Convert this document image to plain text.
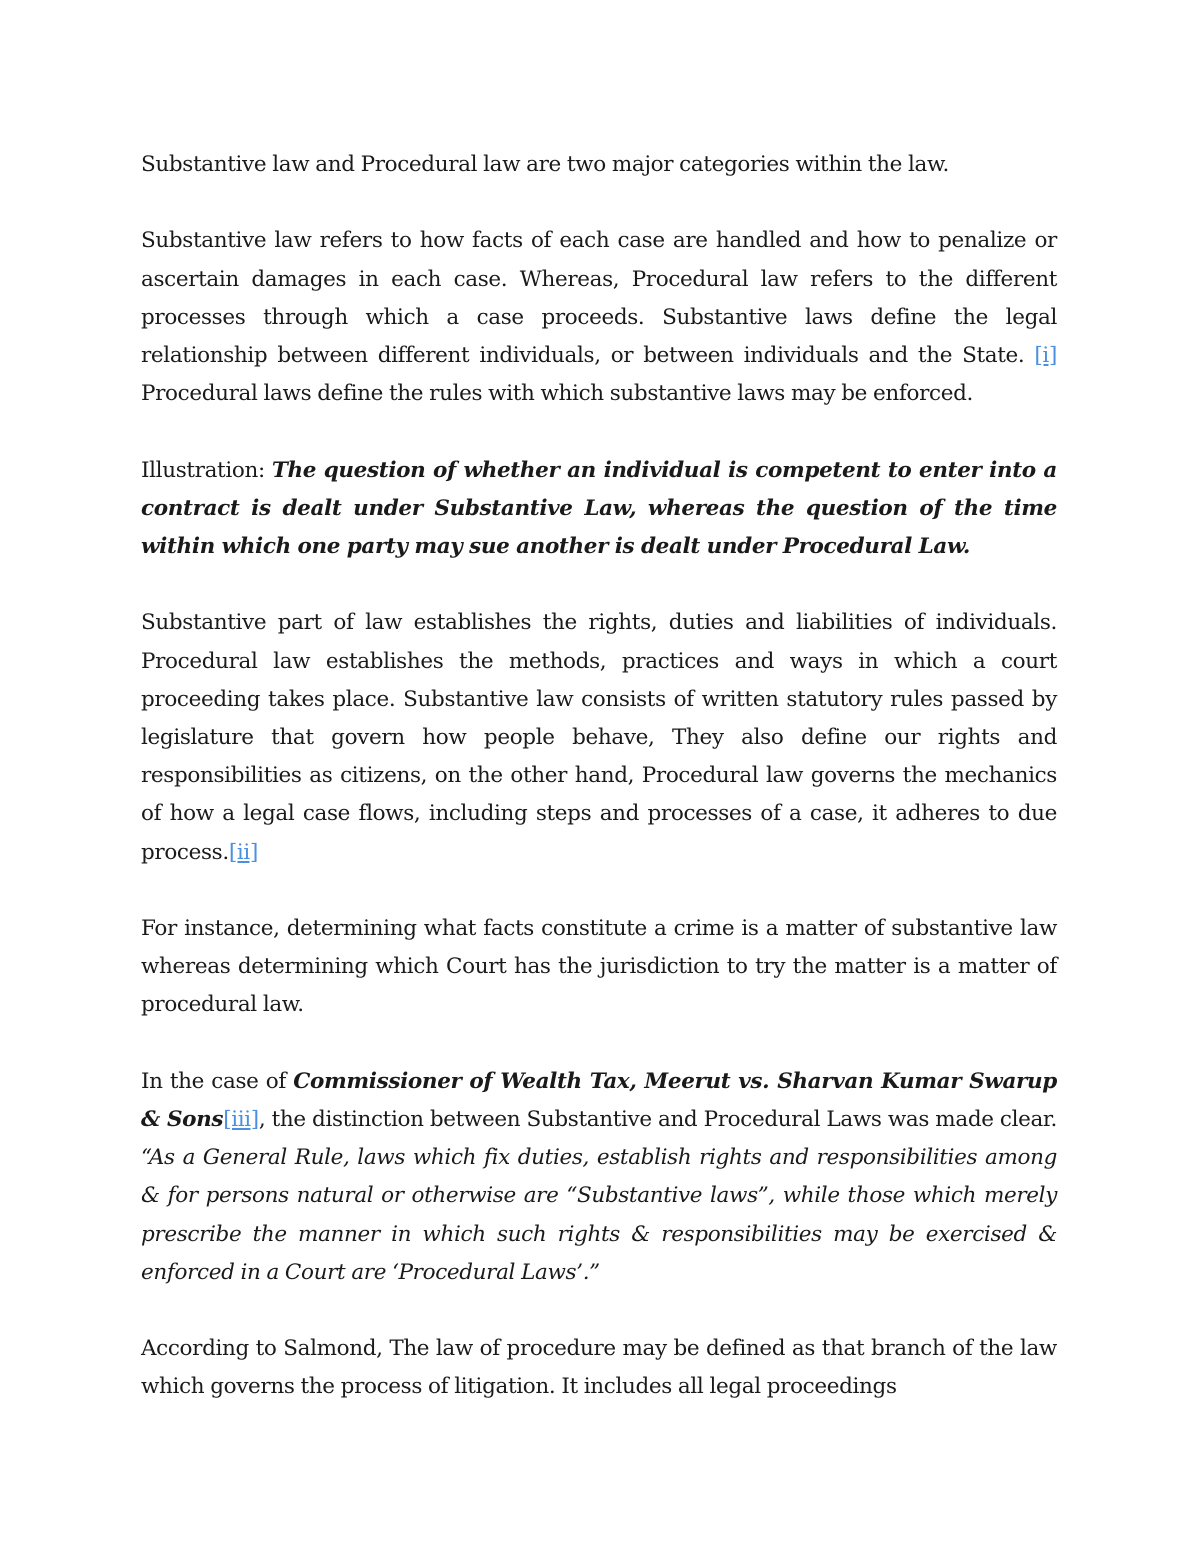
Substantive law and Procedural law are two major categories within the law.

Substantive law refers to how facts of each case are handled and how to penalize or ascertain damages in each case. Whereas, Procedural law refers to the different processes through which a case proceeds. Substantive laws define the legal relationship between different individuals, or between individuals and the State. [i] Procedural laws define the rules with which substantive laws may be enforced.

Illustration: The question of whether an individual is competent to enter into a contract is dealt under Substantive Law, whereas the question of the time within which one party may sue another is dealt under Procedural Law.

Substantive part of law establishes the rights, duties and liabilities of individuals. Procedural law establishes the methods, practices and ways in which a court proceeding takes place. Substantive law consists of written statutory rules passed by legislature that govern how people behave, They also define our rights and responsibilities as citizens, on the other hand, Procedural law governs the mechanics of how a legal case flows, including steps and processes of a case, it adheres to due process.[ii]

For instance, determining what facts constitute a crime is a matter of substantive law whereas determining which Court has the jurisdiction to try the matter is a matter of procedural law.

In the case of Commissioner of Wealth Tax, Meerut vs. Sharvan Kumar Swarup & Sons[iii], the distinction between Substantive and Procedural Laws was made clear. “As a General Rule, laws which fix duties, establish rights and responsibilities among & for persons natural or otherwise are “Substantive laws”, while those which merely prescribe the manner in which such rights & responsibilities may be exercised & enforced in a Court are ‘Procedural Laws’.”

According to Salmond, The law of procedure may be defined as that branch of the law which governs the process of litigation. It includes all legal proceedings
